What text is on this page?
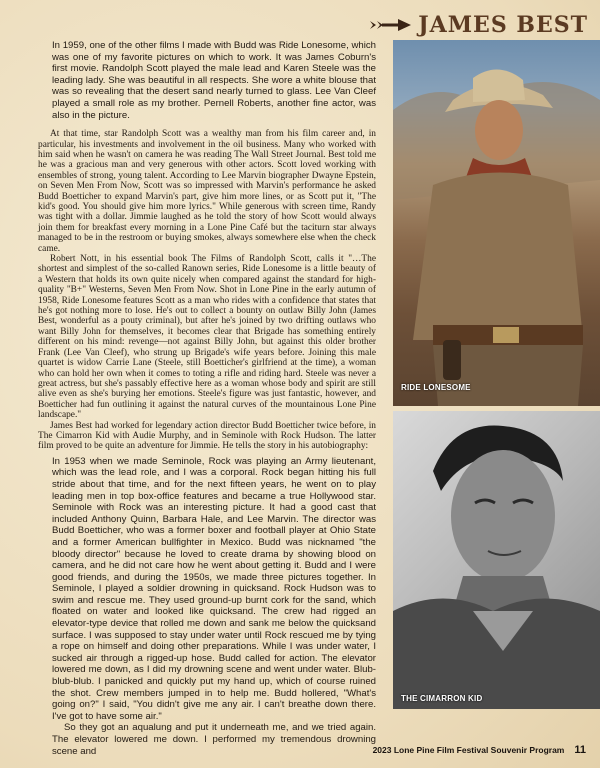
JAMES BEST

In 1959, one of the other films I made with Budd was Ride Lonesome, which was one of my favorite pictures on which to work. It was James Coburn's first movie. Randolph Scott played the male lead and Karen Steele was the leading lady. She was beautiful in all respects. She wore a white blouse that was so revealing that the desert sand nearly turned to glass. Lee Van Cleef played a small role as my brother. Pernell Roberts, another fine actor, was also in the picture.

At that time, star Randolph Scott was a wealthy man from his film career and, in particular, his investments and involvement in the oil business. Many who worked with him said when he wasn't on camera he was reading The Wall Street Journal. Best told me he was a gracious man and very generous with other actors. Scott loved working with ensembles of strong, young talent. According to Lee Marvin biographer Dwayne Epstein, on Seven Men From Now, Scott was so impressed with Marvin's performance he asked Budd Boetticher to expand Marvin's part, give him more lines, or as Scott put it, "The kid's good. You should give him more lyrics." While generous with screen time, Randy was tight with a dollar. Jimmie laughed as he told the story of how Scott would always join them for breakfast every morning in a Lone Pine Café but the taciturn star always managed to be in the restroom or buying smokes, always somewhere else when the check came.

Robert Nott, in his essential book The Films of Randolph Scott, calls it "…The shortest and simplest of the so-called Ranown series, Ride Lonesome is a little beauty of a Western that holds its own quite nicely when compared against the standard for high-quality "B+" Westerns, Seven Men From Now. Shot in Lone Pine in the early autumn of 1958, Ride Lonesome features Scott as a man who rides with a confidence that states that he's got nothing more to lose. He's out to collect a bounty on outlaw Billy John (James Best, wonderful as a pouty criminal), but after he's joined by two drifting outlaws who want Billy John for themselves, it becomes clear that Brigade has something entirely different on his mind: revenge—not against Billy John, but against this older brother Frank (Lee Van Cleef), who strung up Brigade's wife years before. Joining this male quartet is widow Carrie Lane (Steele, still Boetticher's girlfriend at the time), a woman who can hold her own when it comes to toting a rifle and riding hard. Steele was never a great actress, but she's passably effective here as a woman whose body and spirit are still alive even as she's burying her emotions. Steele's figure was just fantastic, however, and Boetticher had fun outlining it against the natural curves of the mountainous Lone Pine landscape."

James Best had worked for legendary action director Budd Boetticher twice before, in The Cimarron Kid with Audie Murphy, and in Seminole with Rock Hudson. The latter film proved to be quite an adventure for Jimmie. He tells the story in his autobiography:

In 1953 when we made Seminole, Rock was playing an Army lieutenant, which was the lead role, and I was a corporal. Rock began hitting his full stride about that time, and for the next fifteen years, he went on to play leading men in top box-office features and became a true Hollywood star. Seminole with Rock was an interesting picture. It had a good cast that included Anthony Quinn, Barbara Hale, and Lee Marvin. The director was Budd Boetticher, who was a former boxer and football player at Ohio State and a former American bullfighter in Mexico. Budd was nicknamed "the bloody director" because he loved to create drama by showing blood on camera, and he did not care how he went about getting it. Budd and I were good friends, and during the 1950s, we made three pictures together. In Seminole, I played a soldier drowning in quicksand. Rock Hudson was to swim and rescue me. They used ground-up burnt cork for the sand, which floated on water and looked like quicksand. The crew had rigged an elevator-type device that rolled me down and sank me below the quicksand surface. I was supposed to stay under water until Rock rescued me by tying a rope on himself and doing other preparations. While I was under water, I sucked air through a rigged-up hose. Budd called for action. The elevator lowered me down, as I did my drowning scene and went under water. Blub-blub-blub. I panicked and quickly put my hand up, which of course ruined the shot. Crew members jumped in to help me. Budd hollered, "What's going on?" I said, "You didn't give me any air. I can't breathe down there. I've got to have some air."

So they got an aqualung and put it underneath me, and we tried again. The elevator lowered me down. I performed my tremendous drowning scene and

RIDE LONESOME
THE CIMARRON KID
2023 Lone Pine Film Festival Souvenir Program 11
